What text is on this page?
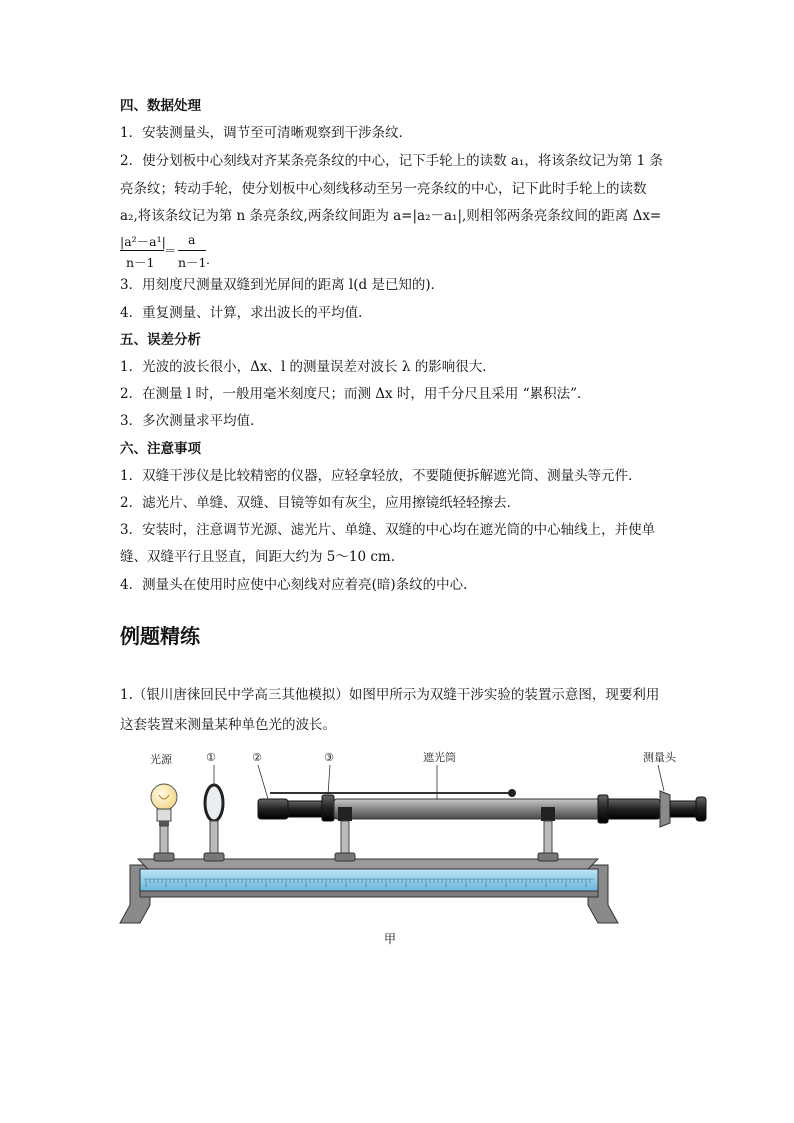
四、数据处理
1．安装测量头，调节至可清晰观察到干涉条纹．
2．使分划板中心刻线对齐某条亮条纹的中心，记下手轮上的读数 a₁，将该条纹记为第 1 条
亮条纹；转动手轮，使分划板中心刻线移动至另一亮条纹的中心，记下此时手轮上的读数
a₂,将该条纹记为第 n 条亮条纹,两条纹间距为 a=|a₂－a₁|,则相邻两条亮条纹间的距离 Δx=
|a²－a¹|
n－1
＝
a
n－1 .
3．用刻度尺测量双缝到光屏间的距离 l(d 是已知的)．
4．重复测量、计算，求出波长的平均值．
五、误差分析
1．光波的波长很小，Δx、l 的测量误差对波长 λ 的影响很大．
2．在测量 l 时，一般用毫米刻度尺；而测 Δx 时，用千分尺且采用 “累积法”．
3．多次测量求平均值．
六、注意事项
1．双缝干涉仪是比较精密的仪器，应轻拿轻放，不要随便拆解遮光筒、测量头等元件．
2．滤光片、单缝、双缝、目镜等如有灰尘，应用擦镜纸轻轻擦去．
3．安装时，注意调节光源、滤光片、单缝、双缝的中心均在遮光筒的中心轴线上，并使单
缝、双缝平行且竖直，间距大约为 5～10 cm.
4．测量头在使用时应使中心刻线对应着亮(暗)条纹的中心.
例题精练
1.（银川唐徕回民中学高三其他模拟）如图甲所示为双缝干涉实验的装置示意图，现要利用
这套装置来测量某种单色光的波长。
光源	①	②	③	遮光筒	测量头
甲
